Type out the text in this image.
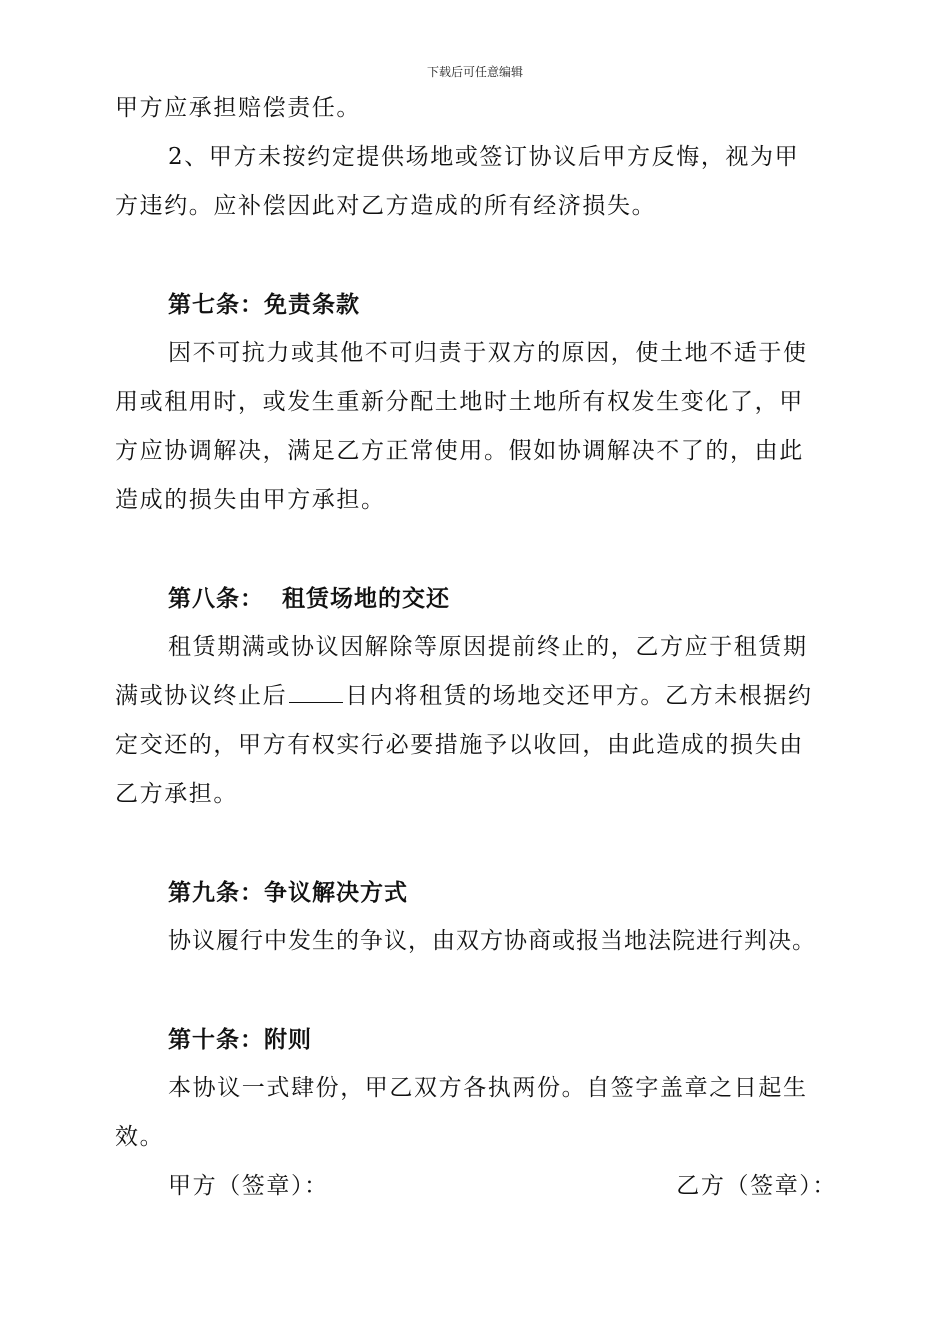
下载后可任意编辑
甲方应承担赔偿责任。
2、甲方未按约定提供场地或签订协议后甲方反悔，视为甲
方违约。应补偿因此对乙方造成的所有经济损失。
第七条：免责条款
因不可抗力或其他不可归责于双方的原因，使土地不适于使
用或租用时，或发生重新分配土地时土地所有权发生变化了，甲
方应协调解决，满足乙方正常使用。假如协调解决不了的，由此
造成的损失由甲方承担。
第八条：  租赁场地的交还
租赁期满或协议因解除等原因提前终止的，乙方应于租赁期
满或协议终止后	日内将租赁的场地交还甲方。乙方未根据约
定交还的，甲方有权实行必要措施予以收回，由此造成的损失由
乙方承担。
第九条：争议解决方式
协议履行中发生的争议，由双方协商或报当地法院进行判决。
第十条：附则
本协议一式肆份，甲乙双方各执两份。自签字盖章之日起生
效。
甲方（签章）：	乙方（签章）：
